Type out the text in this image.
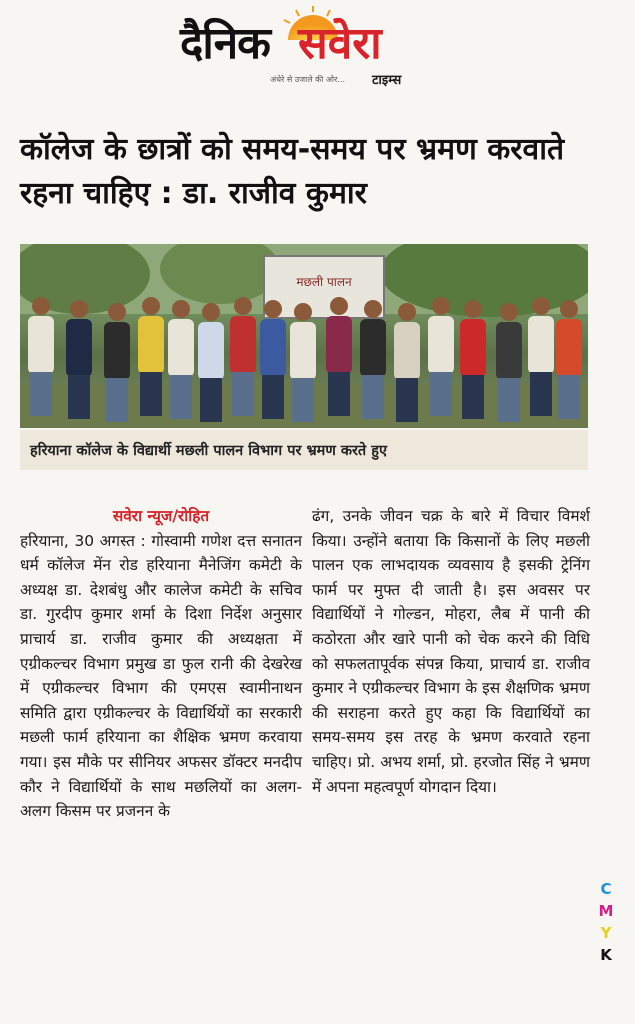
दैनिक सवेरा
अंधेरे से उजाले की ओर... टाइम्स
कॉलेज के छात्रों को समय-समय पर भ्रमण करवाते रहना चाहिए : डा. राजीव कुमार
मछली पालन
हरियाना कॉलेज के विद्यार्थी मछली पालन विभाग पर भ्रमण करते हुए
सवेरा न्यूज/रोहित

हरियाना, 30 अगस्त : गोस्वामी गणेश दत्त सनातन धर्म कॉलेज मेंन रोड हरियाना मैनेजिंग कमेटी के अध्यक्ष डा. देशबंधु और कालेज कमेटी के सचिव डा. गुरदीप कुमार शर्मा के दिशा निर्देश अनुसार प्राचार्य डा. राजीव कुमार की अध्यक्षता में एग्रीकल्चर विभाग प्रमुख डा फुल रानी की देखरेख में एग्रीकल्चर विभाग की एमएस स्वामीनाथन समिति द्वारा एग्रीकल्चर के विद्यार्थियों का सरकारी मछली फार्म हरियाना का शैक्षिक भ्रमण करवाया गया। इस मौके पर सीनियर अफसर डॉक्टर मनदीप कौर ने विद्यार्थियों के साथ मछलियों का अलग-अलग किसम पर प्रजनन के

ढंग, उनके जीवन चक्र के बारे में विचार विमर्श किया। उन्होंने बताया कि किसानों के लिए मछली पालन एक लाभदायक व्यवसाय है इसकी ट्रेनिंग फार्म पर मुफ्त दी जाती है। इस अवसर पर विद्यार्थियों ने गोल्डन, मोहरा, लैब में पानी की कठोरता और खारे पानी को चेक करने की विधि को सफलतापूर्वक संपन्न किया, प्राचार्य डा. राजीव कुमार ने एग्रीकल्चर विभाग के इस शैक्षणिक भ्रमण की सराहना करते हुए कहा कि विद्यार्थियों का समय-समय इस तरह के भ्रमण करवाते रहना चाहिए। प्रो. अभय शर्मा, प्रो. हरजोत सिंह ने भ्रमण में अपना महत्वपूर्ण योगदान दिया।

C
M
Y
K
